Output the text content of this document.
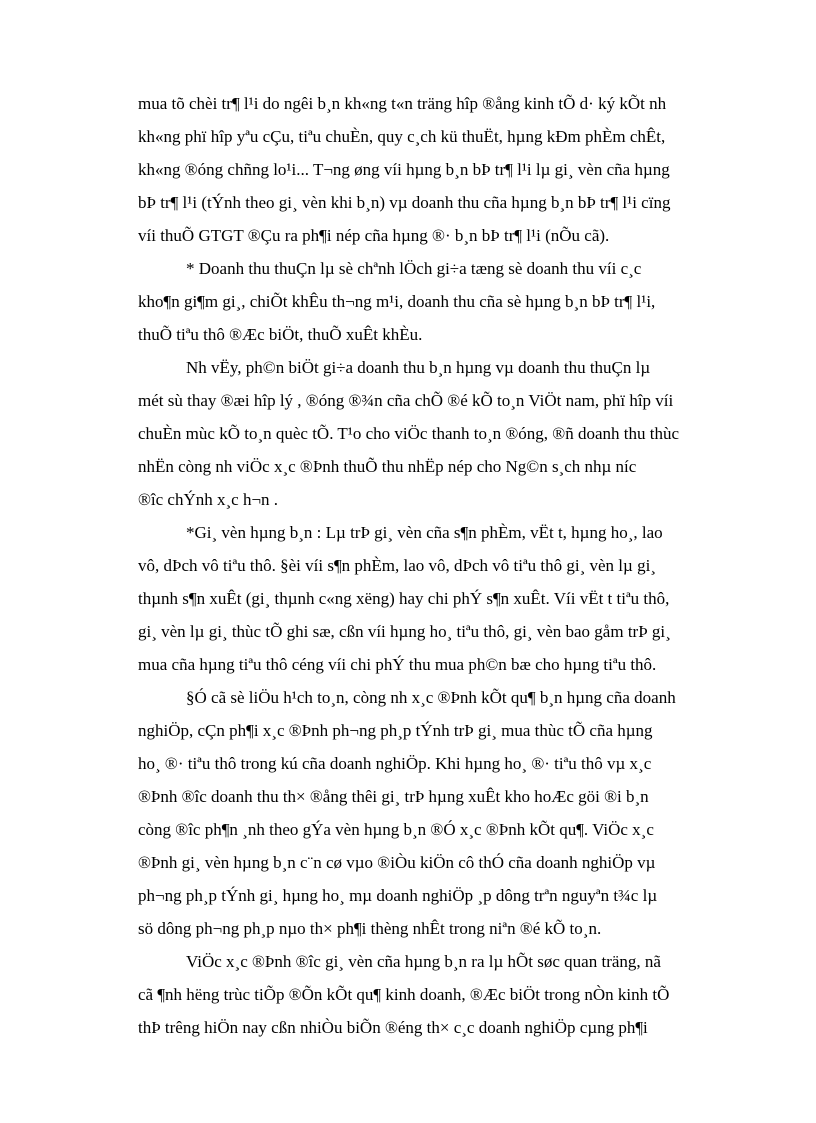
mua tõ chèi tr¶ l¹i do ngêi b¸n kh«ng t«n träng hîp ®ång kinh tÕ d· ký kÕt nh
kh«ng phï hîp yªu cÇu, tiªu chuÈn, quy c¸ch kü thuËt, hµng kÐm phÈm chÊt,
kh«ng ®óng chñng lo¹i... T¬ng øng víi hµng b¸n bÞ tr¶ l¹i lµ gi¸ vèn cña hµng
bÞ tr¶ l¹i (tÝnh theo gi¸ vèn khi b¸n) vµ doanh thu cña hµng b¸n bÞ tr¶ l¹i cïng
víi thuÕ GTGT ®Çu ra ph¶i nép cña hµng ®· b¸n bÞ tr¶ l¹i (nÕu cã).
* Doanh thu thuÇn lµ sè chªnh lÖch gi÷a tæng sè doanh thu víi c¸c
kho¶n gi¶m gi¸, chiÕt khÊu th¬ng m¹i, doanh thu cña sè hµng b¸n bÞ tr¶ l¹i,
thuÕ tiªu thô ®Æc biÖt, thuÕ xuÊt khÈu.
Nh vËy, ph©n biÖt gi÷a doanh thu b¸n hµng vµ doanh thu thuÇn lµ
mét sù thay ®æi hîp lý , ®óng ®¾n cña chÕ ®é kÕ to¸n ViÖt nam, phï hîp víi
chuÈn mùc kÕ to¸n quèc tÕ. T¹o cho viÖc thanh to¸n ®óng, ®ñ doanh thu thùc
nhËn còng nh viÖc x¸c ®Þnh thuÕ thu nhËp nép cho Ng©n s¸ch nhµ níc
®îc chÝnh x¸c h¬n .
*Gi¸ vèn hµng b¸n : Lµ trÞ gi¸ vèn cña s¶n phÈm, vËt t, hµng ho¸, lao
vô, dÞch vô tiªu thô. §èi víi s¶n phÈm, lao vô, dÞch vô tiªu thô gi¸ vèn lµ gi¸
thµnh s¶n xuÊt (gi¸ thµnh c«ng xëng) hay chi phÝ s¶n xuÊt. Víi vËt t tiªu thô,
gi¸ vèn lµ gi¸ thùc tÕ ghi sæ, cßn víi hµng ho¸ tiªu thô, gi¸ vèn bao gåm trÞ gi¸
mua cña hµng tiªu thô céng víi chi phÝ thu mua ph©n bæ cho hµng tiªu thô.
§Ó cã sè liÖu h¹ch to¸n, còng nh x¸c ®Þnh kÕt qu¶ b¸n hµng cña doanh
nghiÖp, cÇn ph¶i x¸c ®Þnh ph¬ng ph¸p tÝnh trÞ gi¸ mua thùc tÕ cña hµng
ho¸ ®· tiªu thô trong kú cña doanh nghiÖp. Khi hµng ho¸ ®· tiªu thô vµ x¸c
®Þnh ®îc doanh thu th× ®ång thêi gi¸ trÞ hµng xuÊt kho hoÆc göi ®i b¸n
còng ®îc ph¶n ¸nh theo gÝa vèn hµng b¸n ®Ó x¸c ®Þnh kÕt qu¶. ViÖc x¸c
®Þnh gi¸ vèn hµng b¸n c¨n cø vµo ®iÒu kiÖn cô thÓ cña doanh nghiÖp vµ
ph¬ng ph¸p tÝnh gi¸ hµng ho¸ mµ doanh nghiÖp ¸p dông trªn nguyªn t¾c lµ
sö dông ph¬ng ph¸p nµo th× ph¶i thèng nhÊt trong niªn ®é kÕ to¸n.
ViÖc x¸c ®Þnh ®îc gi¸ vèn cña hµng b¸n ra lµ hÕt søc quan träng, nã
cã ¶nh hëng trùc tiÕp ®Õn kÕt qu¶ kinh doanh, ®Æc biÖt trong nÒn kinh tÕ
thÞ trêng hiÖn nay cßn nhiÒu biÕn ®éng th× c¸c doanh nghiÖp cµng ph¶i
